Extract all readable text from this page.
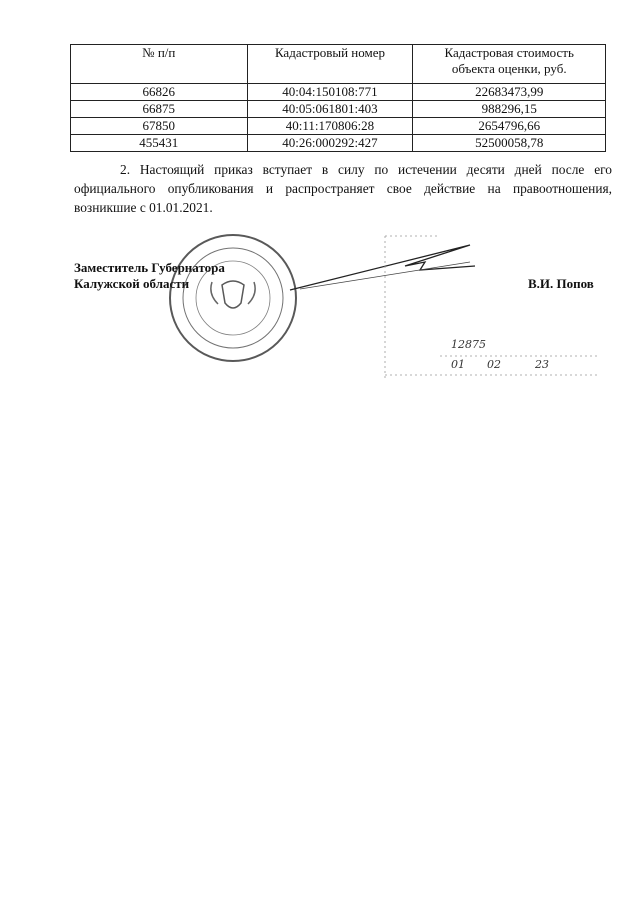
№ п/п	Кадастровый номер	Кадастровая стоимость объекта оценки, руб.
66826	40:04:150108:771	22683473,99
66875	40:05:061801:403	988296,15
67850	40:11:170806:28	2654796,66
455431	40:26:000292:427	52500058,78
2. Настоящий приказ вступает в силу по истечении десяти дней после его официального опубликования и распространяет свое действие на правоотношения, возникшие с 01.01.2021.
Заместитель Губернатора
Калужской области	В.И. Попов
12875
01 02	23
